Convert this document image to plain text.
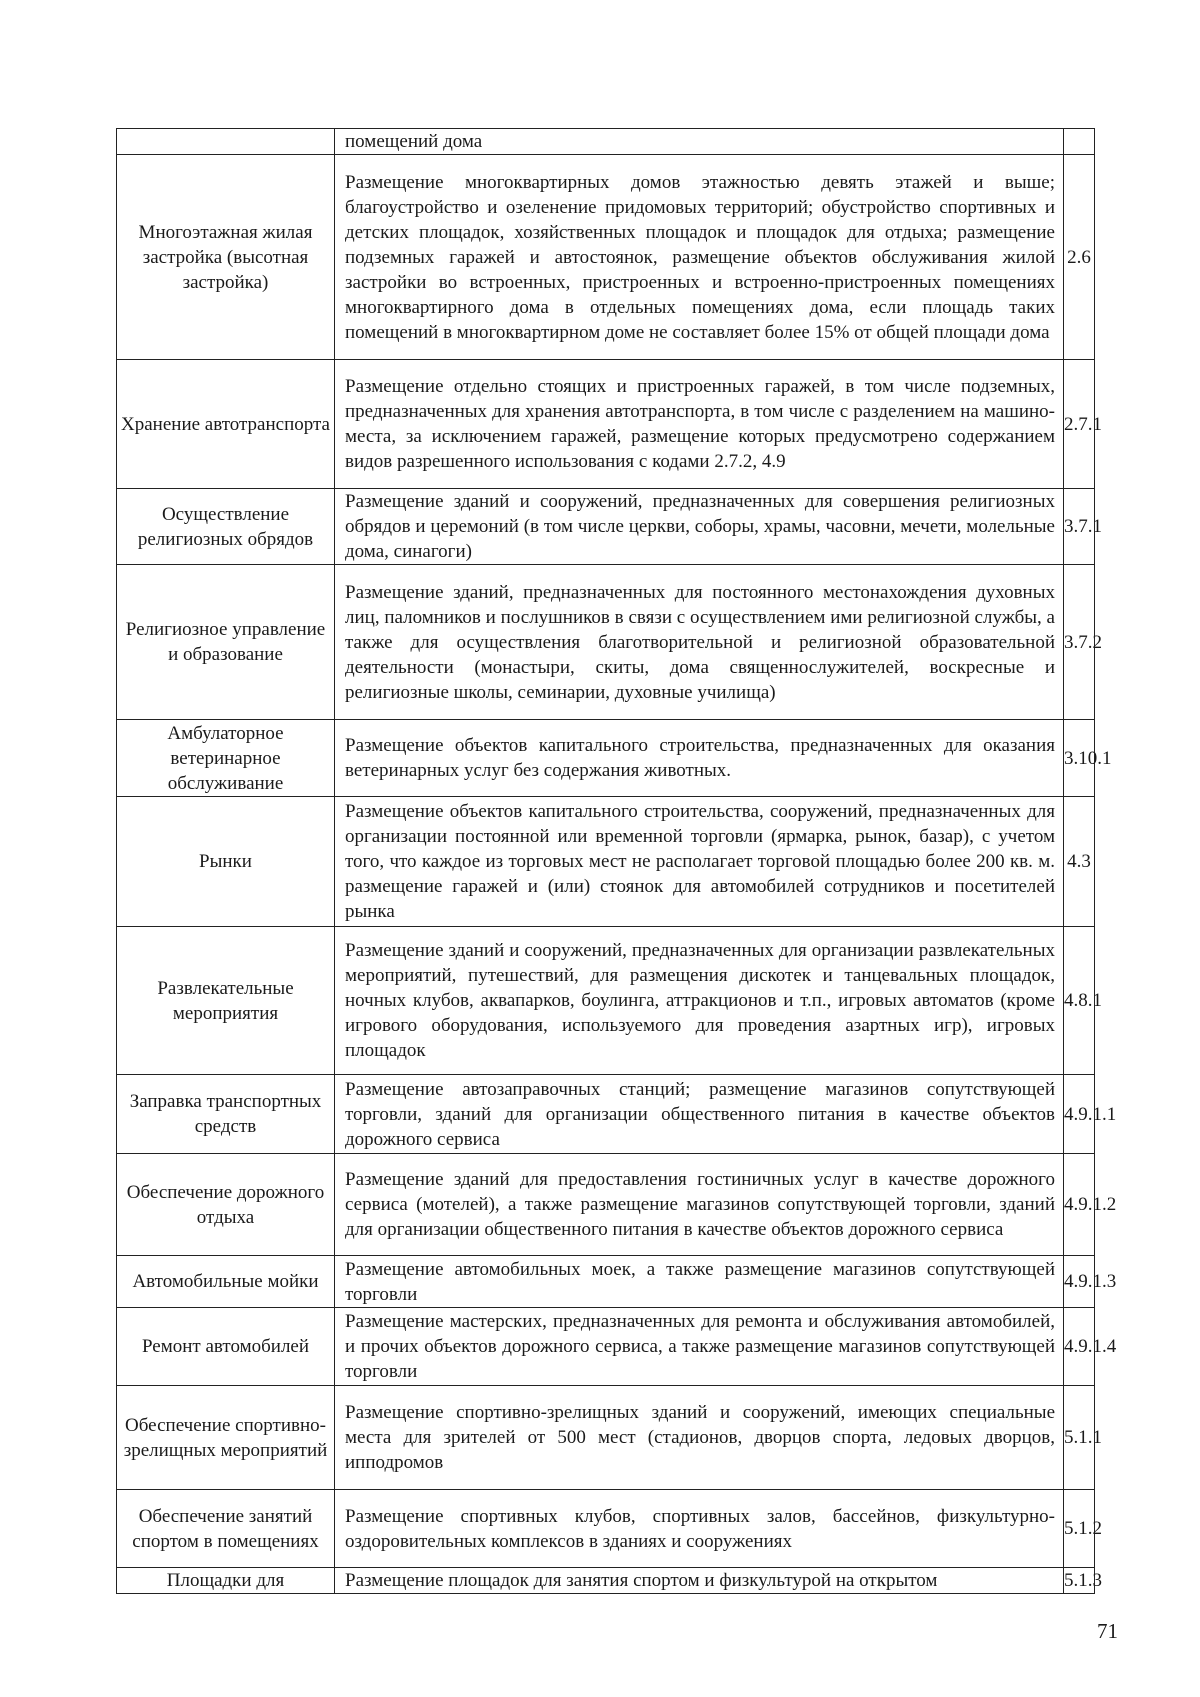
	помещений дома	
Многоэтажная жилая застройка (высотная застройка)	Размещение многоквартирных домов этажностью девять этажей и выше; благоустройство и озеленение придомовых территорий; обустройство спортивных и детских площадок, хозяйственных площадок и площадок для отдыха; размещение подземных гаражей и автостоянок, размещение объектов обслуживания жилой застройки во встроенных, пристроенных и встроенно-пристроенных помещениях многоквартирного дома в отдельных помещениях дома, если площадь таких помещений в многоквартирном доме не составляет более 15% от общей площади дома	2.6
Хранение автотранспорта	Размещение отдельно стоящих и пристроенных гаражей, в том числе подземных, предназначенных для хранения автотранспорта, в том числе с разделением на машино-места, за исключением гаражей, размещение которых предусмотрено содержанием видов разрешенного использования с кодами 2.7.2, 4.9	2.7.1
Осуществление религиозных обрядов	Размещение зданий и сооружений, предназначенных для совершения религиозных обрядов и церемоний (в том числе церкви, соборы, храмы, часовни, мечети, молельные дома, синагоги)	3.7.1
Религиозное управление и образование	Размещение зданий, предназначенных для постоянного местонахождения духовных лиц, паломников и послушников в связи с осуществлением ими религиозной службы, а также для осуществления благотворительной и религиозной образовательной деятельности (монастыри, скиты, дома священнослужителей, воскресные и религиозные школы, семинарии, духовные училища)	3.7.2
Амбулаторное ветеринарное обслуживание	Размещение объектов капитального строительства, предназначенных для оказания ветеринарных услуг без содержания животных.	3.10.1
Рынки	Размещение объектов капитального строительства, сооружений, предназначенных для организации постоянной или временной торговли (ярмарка, рынок, базар), с учетом того, что каждое из торговых мест не располагает торговой площадью более 200 кв. м. размещение гаражей и (или) стоянок для автомобилей сотрудников и посетителей рынка	4.3
Развлекательные мероприятия	Размещение зданий и сооружений, предназначенных для организации развлекательных мероприятий, путешествий, для размещения дискотек и танцевальных площадок, ночных клубов, аквапарков, боулинга, аттракционов и т.п., игровых автоматов (кроме игрового оборудования, используемого для проведения азартных игр), игровых площадок	4.8.1
Заправка транспортных средств	Размещение автозаправочных станций; размещение магазинов сопутствующей торговли, зданий для организации общественного питания в качестве объектов дорожного сервиса	4.9.1.1
Обеспечение дорожного отдыха	Размещение зданий для предоставления гостиничных услуг в качестве дорожного сервиса (мотелей), а также размещение магазинов сопутствующей торговли, зданий для организации общественного питания в качестве объектов дорожного сервиса	4.9.1.2
Автомобильные мойки	Размещение автомобильных моек, а также размещение магазинов сопутствующей торговли	4.9.1.3
Ремонт автомобилей	Размещение мастерских, предназначенных для ремонта и обслуживания автомобилей, и прочих объектов дорожного сервиса, а также размещение магазинов сопутствующей торговли	4.9.1.4
Обеспечение спортивно-зрелищных мероприятий	Размещение спортивно-зрелищных зданий и сооружений, имеющих специальные места для зрителей от 500 мест (стадионов, дворцов спорта, ледовых дворцов, ипподромов	5.1.1
Обеспечение занятий спортом в помещениях	Размещение спортивных клубов, спортивных залов, бассейнов, физкультурно-оздоровительных комплексов в зданиях и сооружениях	5.1.2
Площадки для	Размещение площадок для занятия спортом и физкультурой на открытом	5.1.3
71
